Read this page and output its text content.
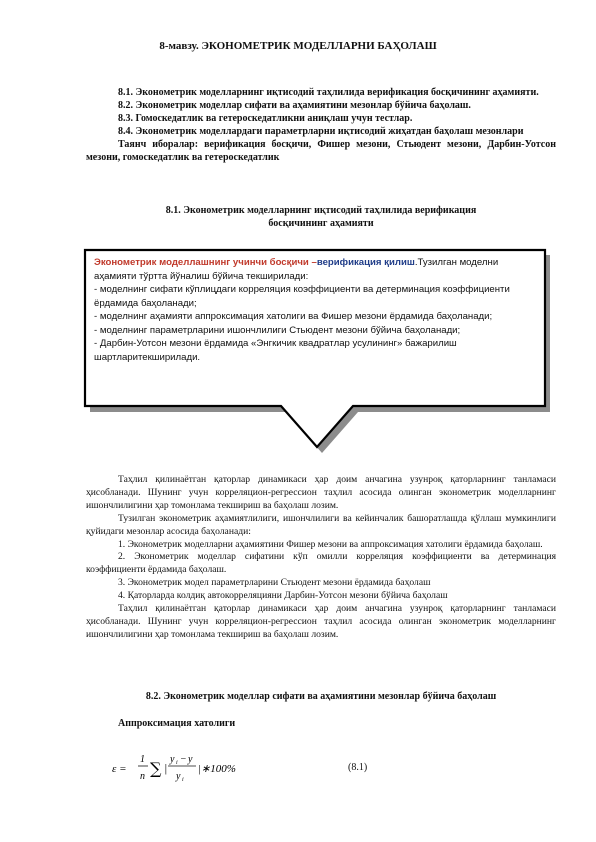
8-мавзу. ЭКОНОМЕТРИК МОДЕЛЛАРНИ БАҲОЛАШ

8.1. Эконометрик моделларнинг иқтисодий таҳлилида верификация босқичининг аҳамияти.

8.2. Эконометрик моделлар сифати ва аҳамиятини мезонлар бўйича баҳолаш.

8.3. Гомоскедатлик ва гетероскедатликни аниқлаш учун тестлар.

8.4. Эконометрик моделлардаги параметрларни иқтисодий жиҳатдан баҳолаш мезонлари

Таянч иборалар: верификация босқичи, Фишер мезони, Стьюдент мезони, Дарбин-Уотсон мезони, гомоскедатлик ва гетероскедатлик

8.1. Эконометрик моделларнинг иқтисодий таҳлилида верификация
босқичининг аҳамияти

Эконометрик моделлашнинг учинчи босқичи –верификация қилиш.Тузилган моделни аҳамияти тўртта йўналиш бўйича текширилади:

- моделнинг сифати кўплицдаги корреляция коэффициенти ва детерминация коэффициенти ёрдамида баҳоланади;

- моделнинг аҳамияти аппроксимация хатолиги ва Фишер мезони ёрдамида баҳоланади;

- моделнинг параметрларини ишончлилиги Стьюдент мезони бўйича баҳоланади;

- Дарбин-Уотсон мезони ёрдамида «Энгкичик квадратлар усулининг» бажарилиш шартларитекширилади.

Таҳлил қилинаётган қаторлар динамикаси ҳар доим анчагина узунроқ қаторларнинг танламаси ҳисобланади. Шунинг учун корреляцион-регрессион таҳлил асосида олинган эконометрик моделларнинг ишончлилигини ҳар томонлама текшириш ва баҳолаш лозим.

Тузилган эконометрик аҳамиятлилиги, ишончлилиги ва кейинчалик башоратлашда қўллаш мумкинлиги қуйидаги мезонлар асосида баҳоланади:

1. Эконометрик моделларни аҳамиятини Фишер мезони ва аппроксимация хатолиги ёрдамида баҳолаш.

2. Эконометрик моделлар сифатини кўп омилли корреляция коэффициенти ва детерминация коэффициенти ёрдамида баҳолаш.

3. Эконометрик модел параметрларини Стьюдент мезони ёрдамида баҳолаш

4. Қаторларда колдиқ автокорреляцияни Дарбин-Уотсон мезони бўйича баҳолаш

Таҳлил қилинаётган қаторлар динамикаси ҳар доим анчагина узунроқ қаторларнинг танламаси ҳисобланади. Шунинг учун корреляцион-регрессион таҳлил асосида олинган эконометрик моделларнинг ишончлилигини ҳар томонлама текшириш ва баҳолаш лозим.

8.2. Эконометрик моделлар сифати ва аҳамиятини мезонлар бўйича баҳолаш
Аппроксимация хатолиги
ε =
1
n ∑ |
y i − y
y i
|∗100%	(8.1)
